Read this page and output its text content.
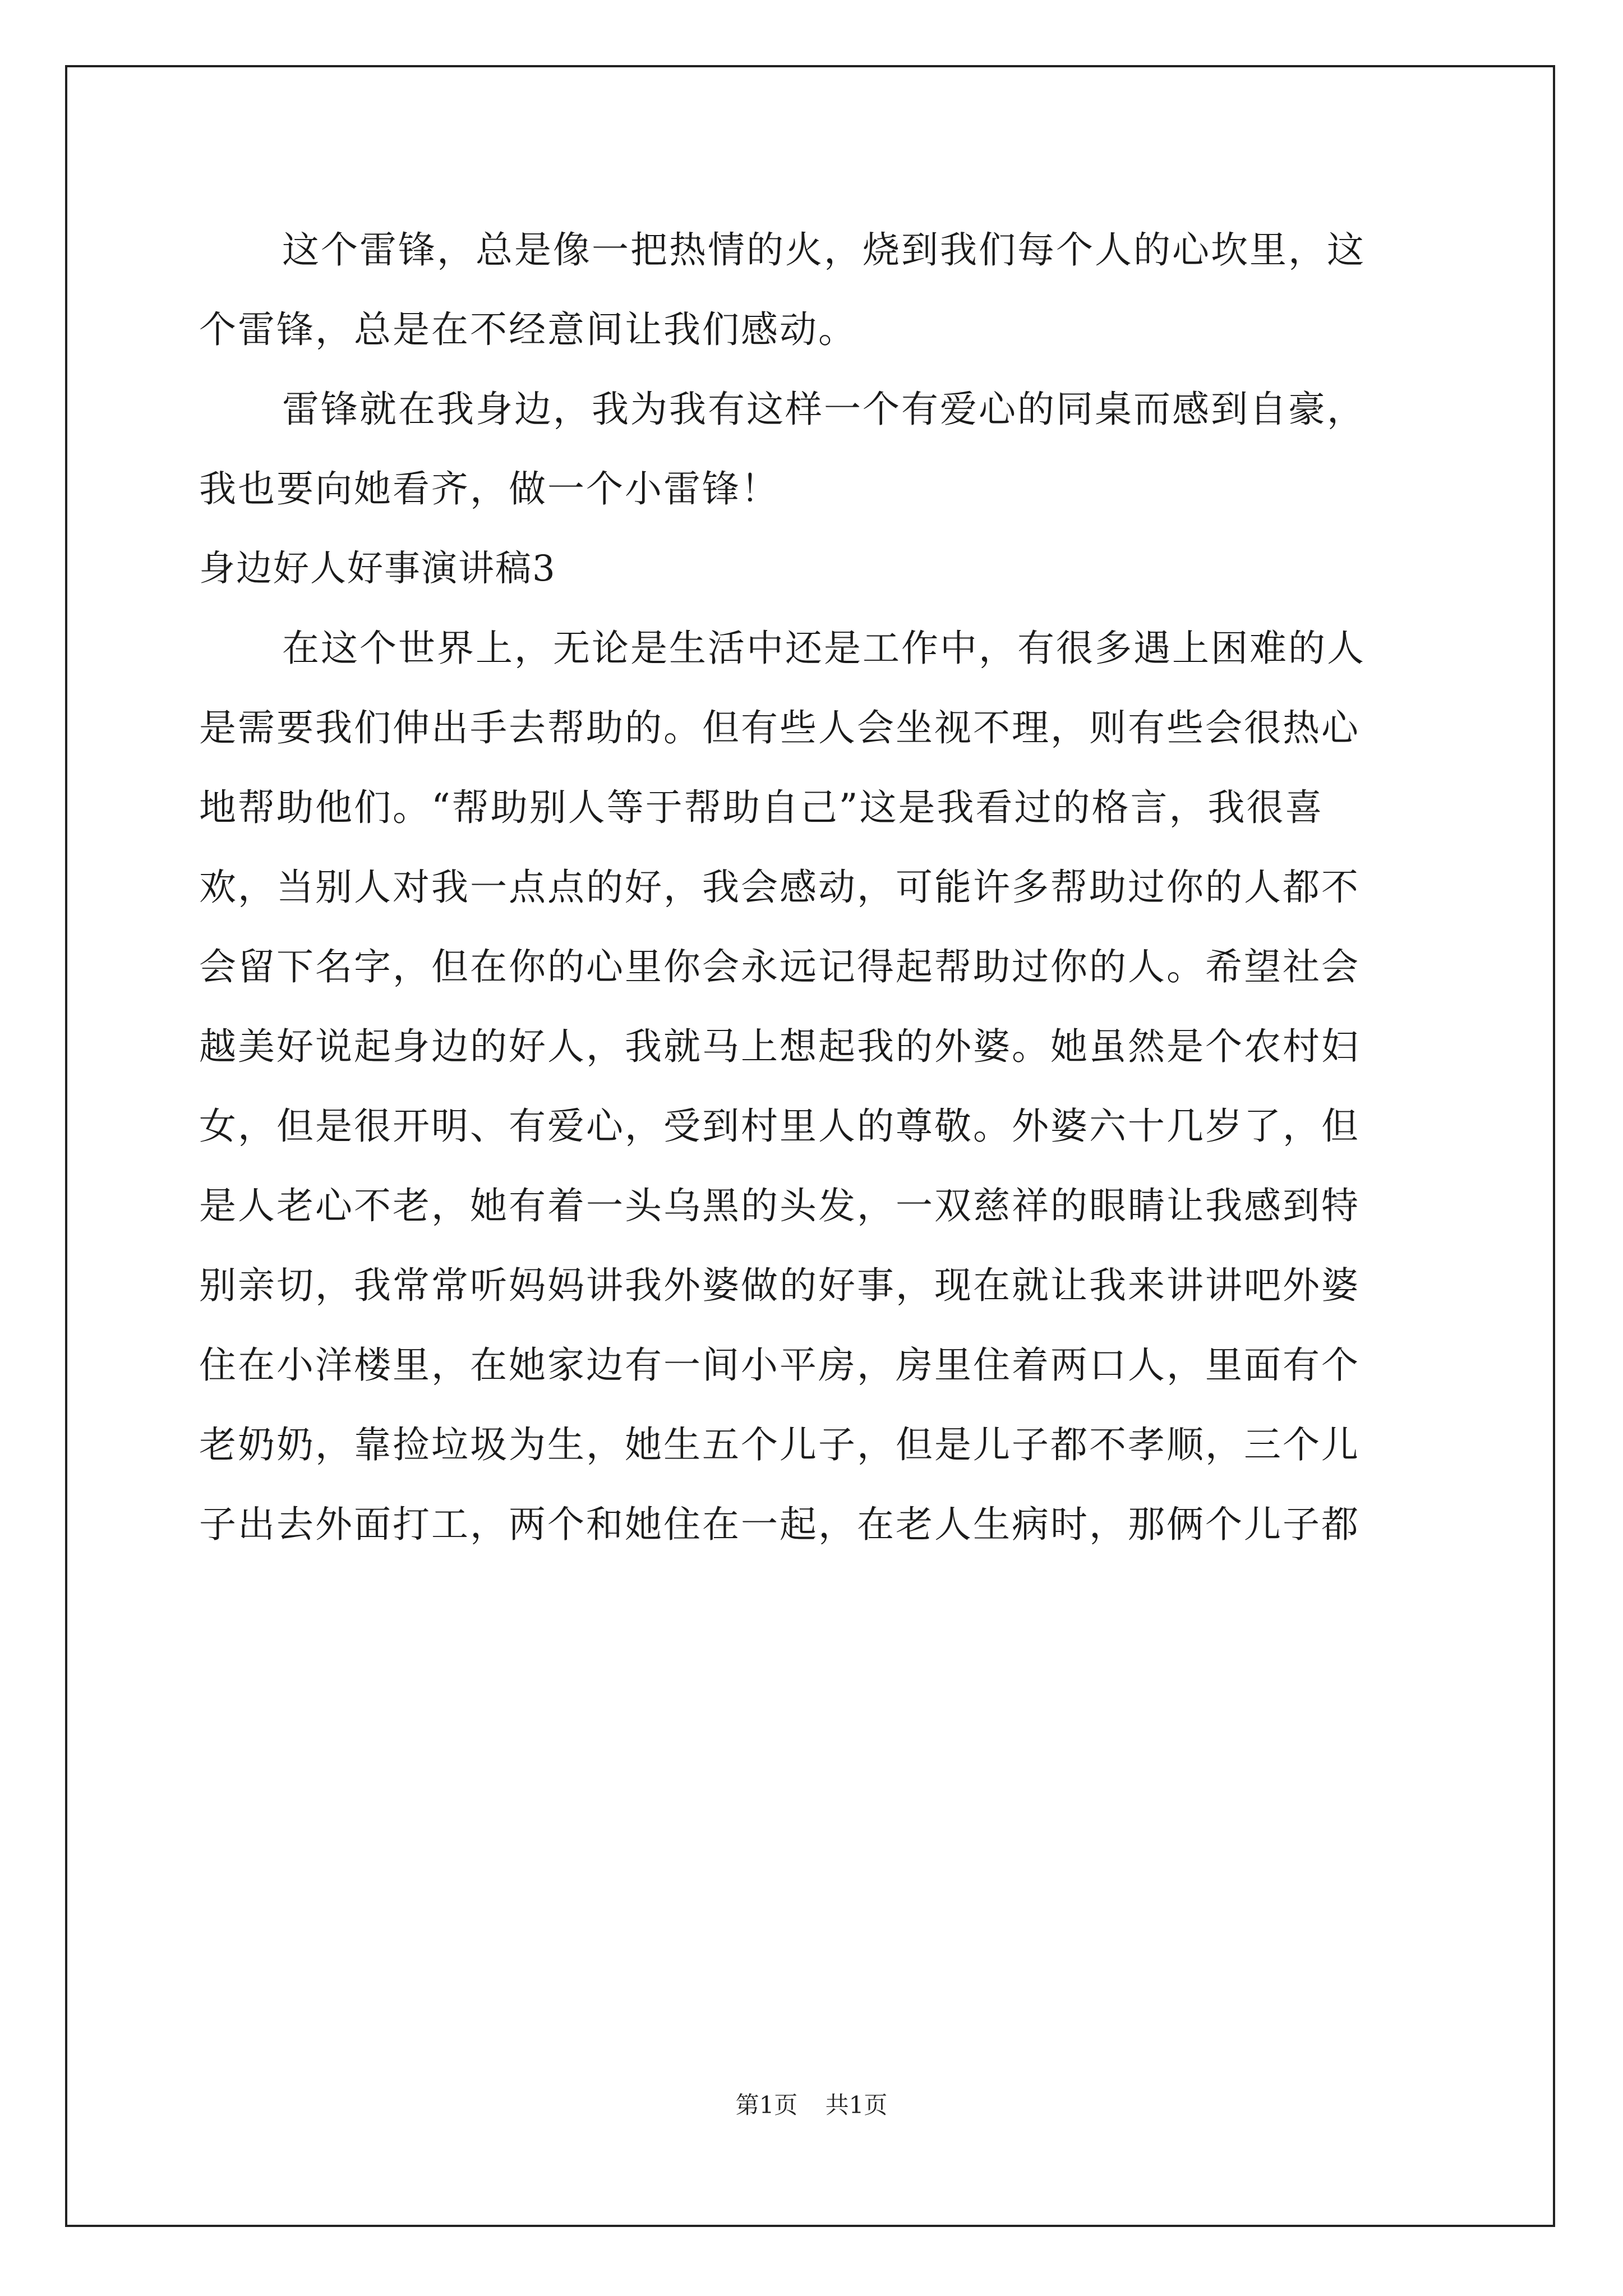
这个雷锋，总是像一把热情的火，烧到我们每个人的心坎里，这
个雷锋，总是在不经意间让我们感动。
雷锋就在我身边，我为我有这样一个有爱心的同桌而感到自豪，
我也要向她看齐，做一个小雷锋！
身边好人好事演讲稿3
在这个世界上，无论是生活中还是工作中，有很多遇上困难的人
是需要我们伸出手去帮助的。但有些人会坐视不理，则有些会很热心
地帮助他们。“帮助别人等于帮助自己”这是我看过的格言，我很喜
欢，当别人对我一点点的好，我会感动，可能许多帮助过你的人都不
会留下名字，但在你的心里你会永远记得起帮助过你的人。希望社会
越美好说起身边的好人，我就马上想起我的外婆。她虽然是个农村妇
女，但是很开明、有爱心，受到村里人的尊敬。外婆六十几岁了，但
是人老心不老，她有着一头乌黑的头发，一双慈祥的眼睛让我感到特
别亲切，我常常听妈妈讲我外婆做的好事，现在就让我来讲讲吧外婆
住在小洋楼里，在她家边有一间小平房，房里住着两口人，里面有个
老奶奶，靠捡垃圾为生，她生五个儿子，但是儿子都不孝顺，三个儿
子出去外面打工，两个和她住在一起，在老人生病时，那俩个儿子都
第1页 共1页
